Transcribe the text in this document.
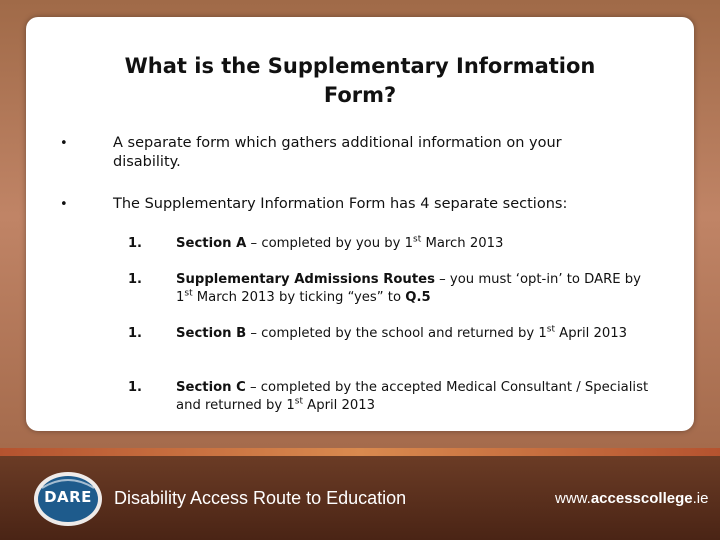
What is the Supplementary Information
Form?
•	A separate form which gathers additional information on your
disability.
•	The Supplementary Information Form has 4 separate sections:
1.	Section A – completed by you by 1st March 2013
1.	Supplementary Admissions Routes – you must ‘opt-in’ to DARE by 1st March 2013 by ticking “yes” to Q.5
1.	Section B – completed by the school and returned by 1st April 2013
1.	Section C – completed by the accepted Medical Consultant / Specialist and returned by 1st April 2013
DARE	Disability Access Route to Education	www.accesscollege.ie
